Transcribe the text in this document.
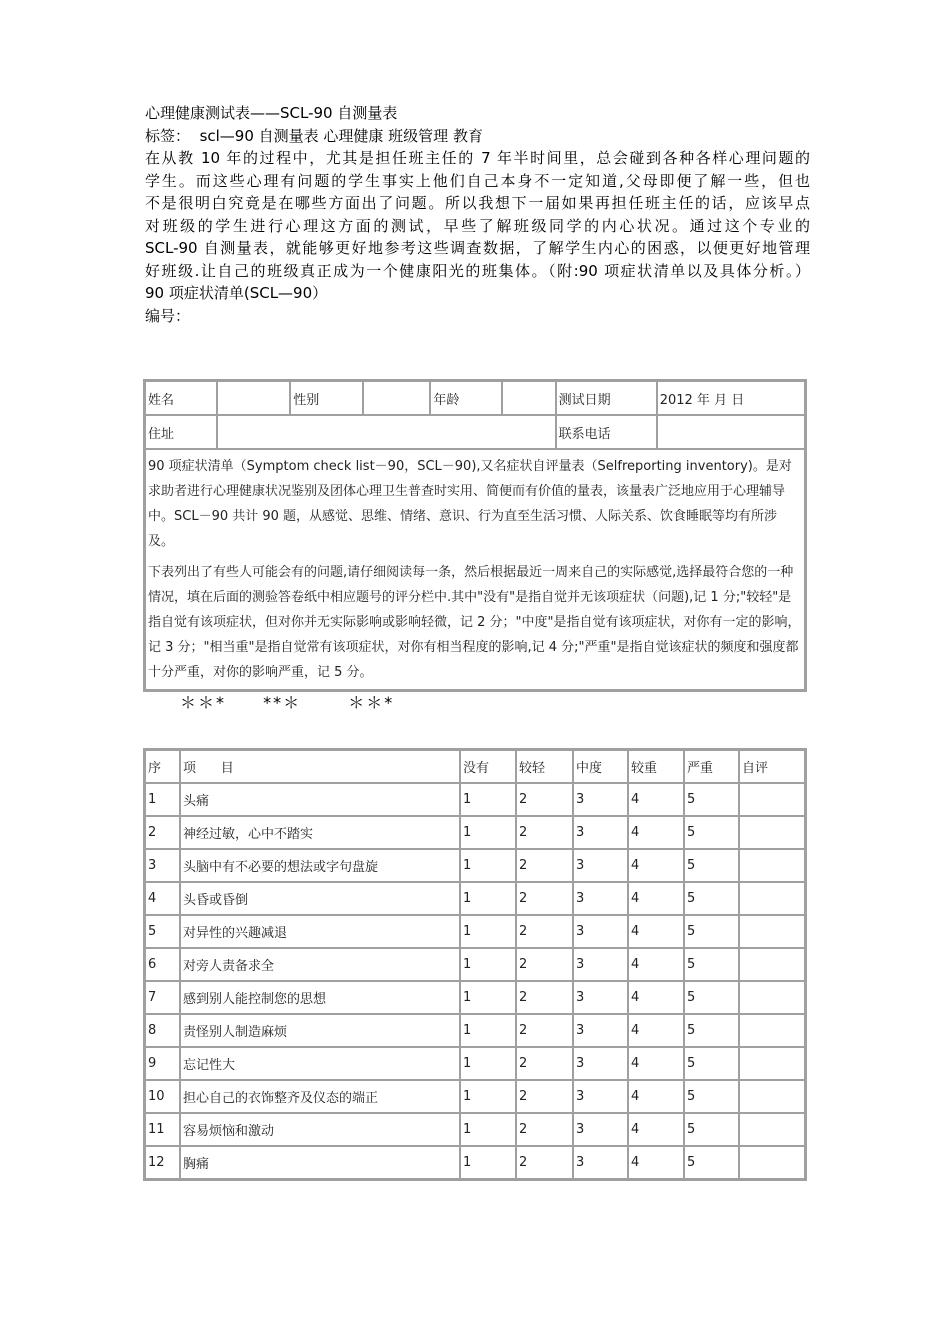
心理健康测试表——SCL-90 自测量表

标签： scl—90 自测量表 心理健康 班级管理 教育

在从教 10 年的过程中，尤其是担任班主任的 7 年半时间里，总会碰到各种各样心理问题的

学生。而这些心理有问题的学生事实上他们自己本身不一定知道,父母即便了解一些，但也

不是很明白究竟是在哪些方面出了问题。所以我想下一届如果再担任班主任的话，应该早点

对班级的学生进行心理这方面的测试，早些了解班级同学的内心状况。通过这个专业的

SCL-90 自测量表，就能够更好地参考这些调查数据，了解学生内心的困惑，以便更好地管理

好班级.让自己的班级真正成为一个健康阳光的班集体。（附:90 项症状清单以及具体分析。）

90 项症状清单(SCL—90）

编号：

姓名		性别		年龄		测试日期	2012 年 月 日
住址						联系电话	

90 项症状清单（Symptom check list－90，SCL－90),又名症状自评量表（Selfreporting inventory)。是对求助者进行心理健康状况鉴别及团体心理卫生普查时实用、简便而有价值的量表，该量表广泛地应用于心理辅导中。SCL－90 共计 90 题，从感觉、思维、情绪、意识、行为直至生活习惯、人际关系、饮食睡眠等均有所涉及。

下表列出了有些人可能会有的问题,请仔细阅读每一条，然后根据最近一周来自己的实际感觉,选择最符合您的一种情况，填在后面的测验答卷纸中相应题号的评分栏中.其中"没有"是指自觉并无该项症状（问题),记 1 分;"较轻"是指自觉有该项症状，但对你并无实际影响或影响轻微，记 2 分；"中度"是指自觉有该项症状，对你有一定的影响，记 3 分；"相当重"是指自觉常有该项症状，对你有相当程度的影响,记 4 分;"严重"是指自觉该症状的频度和强度都十分严重，对你的影响严重，记 5 分。							

＊＊* **＊	＊＊*
序	项      目	没有	较轻	中度	较重	严重	自评
1	头痛	1	2	3	4	5	
2	神经过敏，心中不踏实	1	2	3	4	5	
3	头脑中有不必要的想法或字句盘旋	1	2	3	4	5	
4	头昏或昏倒	1	2	3	4	5	
5	对异性的兴趣减退	1	2	3	4	5	
6	对旁人责备求全	1	2	3	4	5	
7	感到别人能控制您的思想	1	2	3	4	5	
8	责怪别人制造麻烦	1	2	3	4	5	
9	忘记性大	1	2	3	4	5	
10	担心自己的衣饰整齐及仪态的端正	1	2	3	4	5	
11	容易烦恼和激动	1	2	3	4	5	
12	胸痛	1	2	3	4	5	
